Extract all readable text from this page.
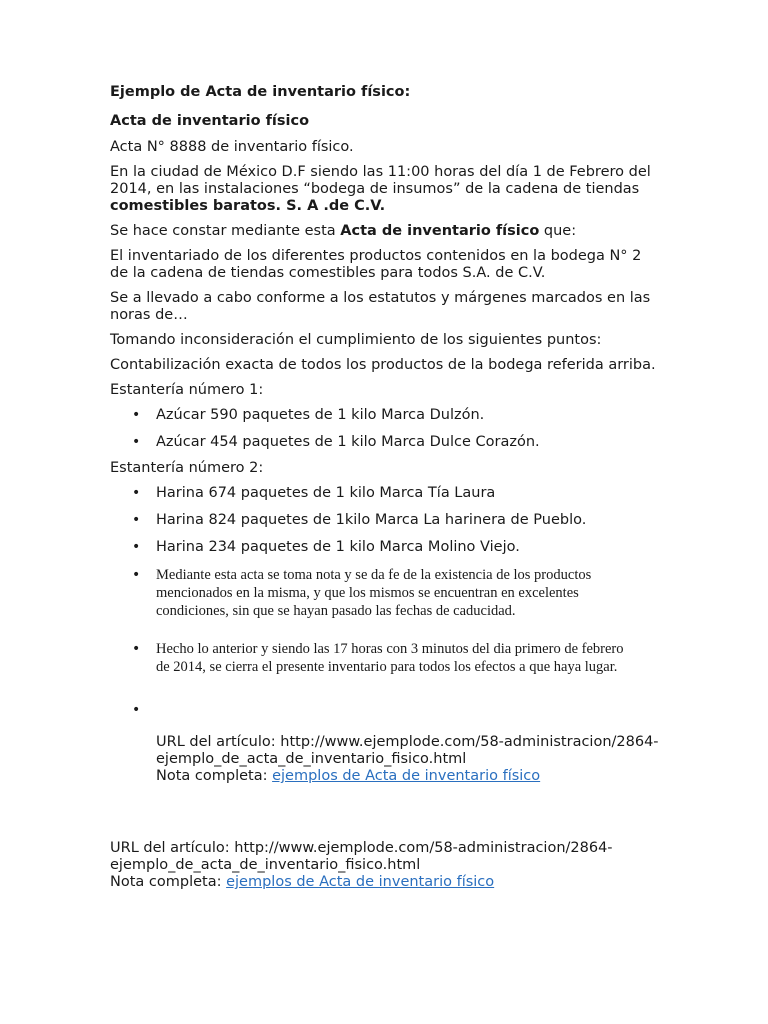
Ejemplo de Acta de inventario físico:

Acta de inventario físico

Acta N° 8888 de inventario físico.

En la ciudad de México D.F siendo las 11:00 horas del día 1 de Febrero del
2014, en las instalaciones “bodega de insumos” de la cadena de tiendas
comestibles baratos. S. A .de C.V.

Se hace constar mediante esta Acta de inventario físico que:

El inventariado de los diferentes productos contenidos en la bodega N° 2
de la cadena de tiendas comestibles para todos S.A. de C.V.

Se a llevado a cabo conforme a los estatutos y márgenes marcados en las
noras de…

Tomando inconsideración el cumplimiento de los siguientes puntos:

Contabilización exacta de todos los productos de la bodega referida arriba.

Estantería número 1:

• Azúcar 590 paquetes de 1 kilo Marca Dulzón.
• Azúcar 454 paquetes de 1 kilo Marca Dulce Corazón.

Estantería número 2:

• Harina 674 paquetes de 1 kilo Marca Tía Laura
• Harina 824 paquetes de 1kilo Marca La harinera de Pueblo.
• Harina 234 paquetes de 1 kilo Marca Molino Viejo.
• Mediante esta acta se toma nota y se da fe de la existencia de los productos
mencionados en la misma, y que los mismos se encuentran en excelentes
condiciones, sin que se hayan pasado las fechas de caducidad.
• Hecho lo anterior y siendo las 17 horas con 3 minutos del dia primero de febrero
de 2014, se cierra el presente inventario para todos los efectos a que haya lugar.
•
URL del artículo: http://www.ejemplode.com/58-administracion/2864-
ejemplo_de_acta_de_inventario_fisico.html
Nota completa: ejemplos de Acta de inventario físico

URL del artículo: http://www.ejemplode.com/58-administracion/2864-
ejemplo_de_acta_de_inventario_fisico.html
Nota completa: ejemplos de Acta de inventario físico
